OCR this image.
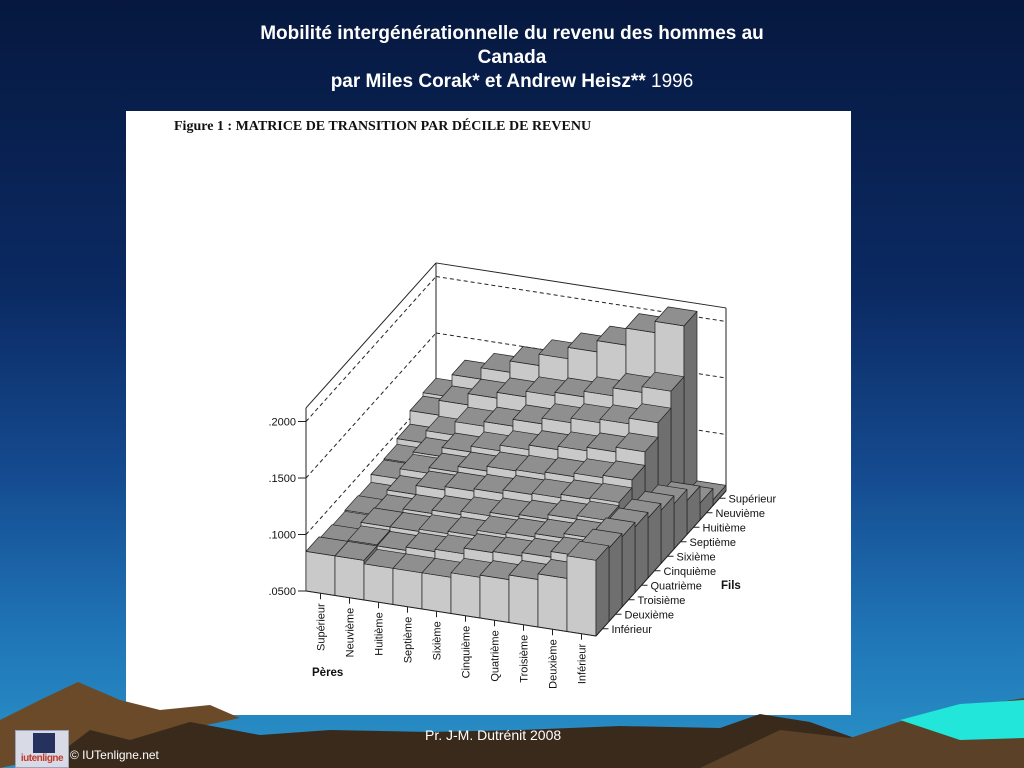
Mobilité intergénérationnelle du revenu des hommes au
Canada
par Miles Corak* et Andrew Heisz** 1996
Figure 1 : MATRICE DE TRANSITION PAR DÉCILE DE REVENU
.0500
.1000
.1500
.2000
Supérieur Neuvième Huitième Septième Sixième Cinquième Quatrième Troisième Deuxième Inférieur
Inférieur
Deuxième
Troisième
Quatrième
Cinquième
Sixième
Septième
Huitième
Neuvième
Supérieur
Pères
Fils
Pr. J-M. Dutrénit 2008
iutenligne © IUTenligne.net
